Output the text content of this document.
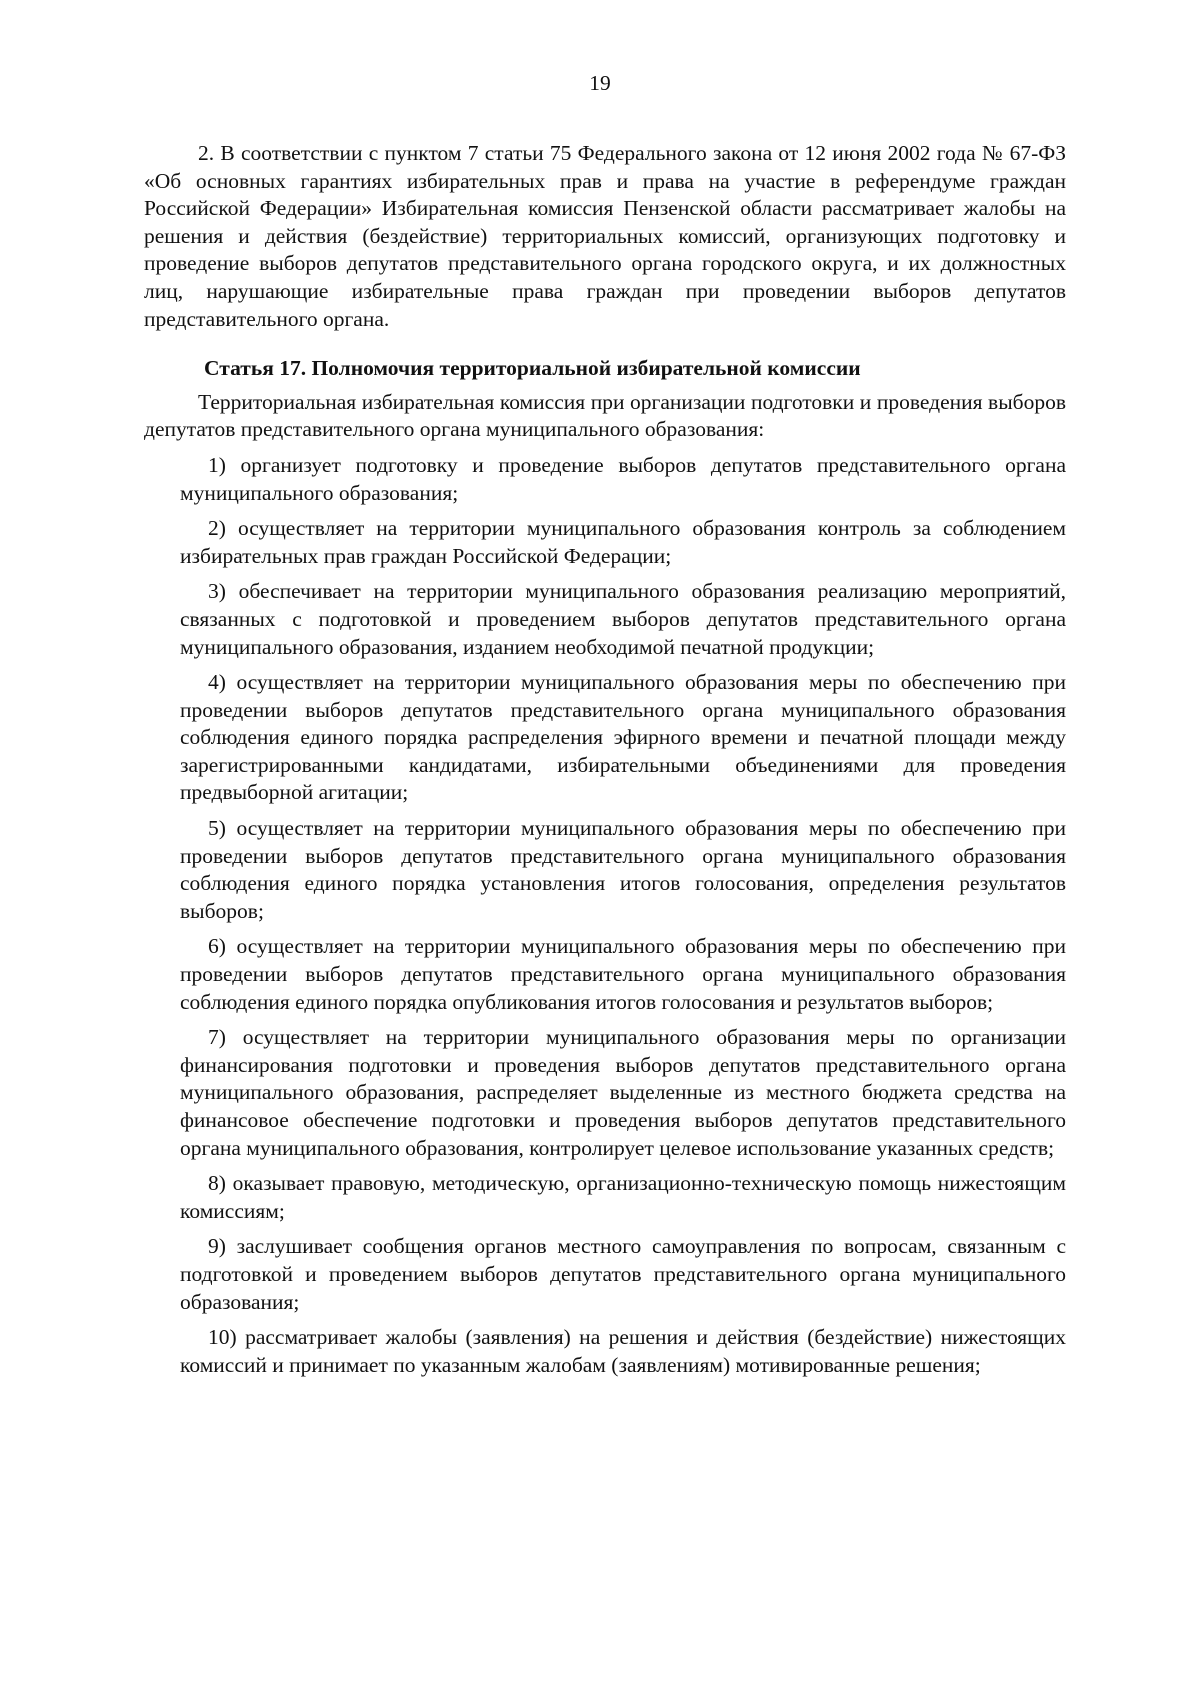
19

2. В соответствии с пунктом 7 статьи 75 Федерального закона от 12 июня 2002 года № 67-ФЗ «Об основных гарантиях избирательных прав и права на участие в референдуме граждан Российской Федерации» Избирательная комиссия Пензенской области рассматривает жалобы на решения и действия (бездействие) территориальных комиссий, организующих подготовку и проведение выборов депутатов представительного органа городского округа, и их должностных лиц, нарушающие избирательные права граждан при проведении выборов депутатов представительного органа.

Статья 17. Полномочия территориальной избирательной комиссии

Территориальная избирательная комиссия при организации подготовки и проведения выборов депутатов представительного органа муниципального образования:

1) организует подготовку и проведение выборов депутатов представительного органа муниципального образования;

2) осуществляет на территории муниципального образования контроль за соблюдением избирательных прав граждан Российской Федерации;

3) обеспечивает на территории муниципального образования реализацию мероприятий, связанных с подготовкой и проведением выборов депутатов представительного органа муниципального образования, изданием необходимой печатной продукции;

4) осуществляет на территории муниципального образования меры по обеспечению при проведении выборов депутатов представительного органа муниципального образования соблюдения единого порядка распределения эфирного времени и печатной площади между зарегистрированными кандидатами, избирательными объединениями для проведения предвыборной агитации;

5) осуществляет на территории муниципального образования меры по обеспечению при проведении выборов депутатов представительного органа муниципального образования соблюдения единого порядка установления итогов голосования, определения результатов выборов;

6) осуществляет на территории муниципального образования меры по обеспечению при проведении выборов депутатов представительного органа муниципального образования соблюдения единого порядка опубликования итогов голосования и результатов выборов;

7) осуществляет на территории муниципального образования меры по организации финансирования подготовки и проведения выборов депутатов представительного органа муниципального образования, распределяет выделенные из местного бюджета средства на финансовое обеспечение подготовки и проведения выборов депутатов представительного органа муниципального образования, контролирует целевое использование указанных средств;

8) оказывает правовую, методическую, организационно-техническую помощь нижестоящим комиссиям;

9) заслушивает сообщения органов местного самоуправления по вопросам, связанным с подготовкой и проведением выборов депутатов представительного органа муниципального образования;

10) рассматривает жалобы (заявления) на решения и действия (бездействие) нижестоящих комиссий и принимает по указанным жалобам (заявлениям) мотивированные решения;
